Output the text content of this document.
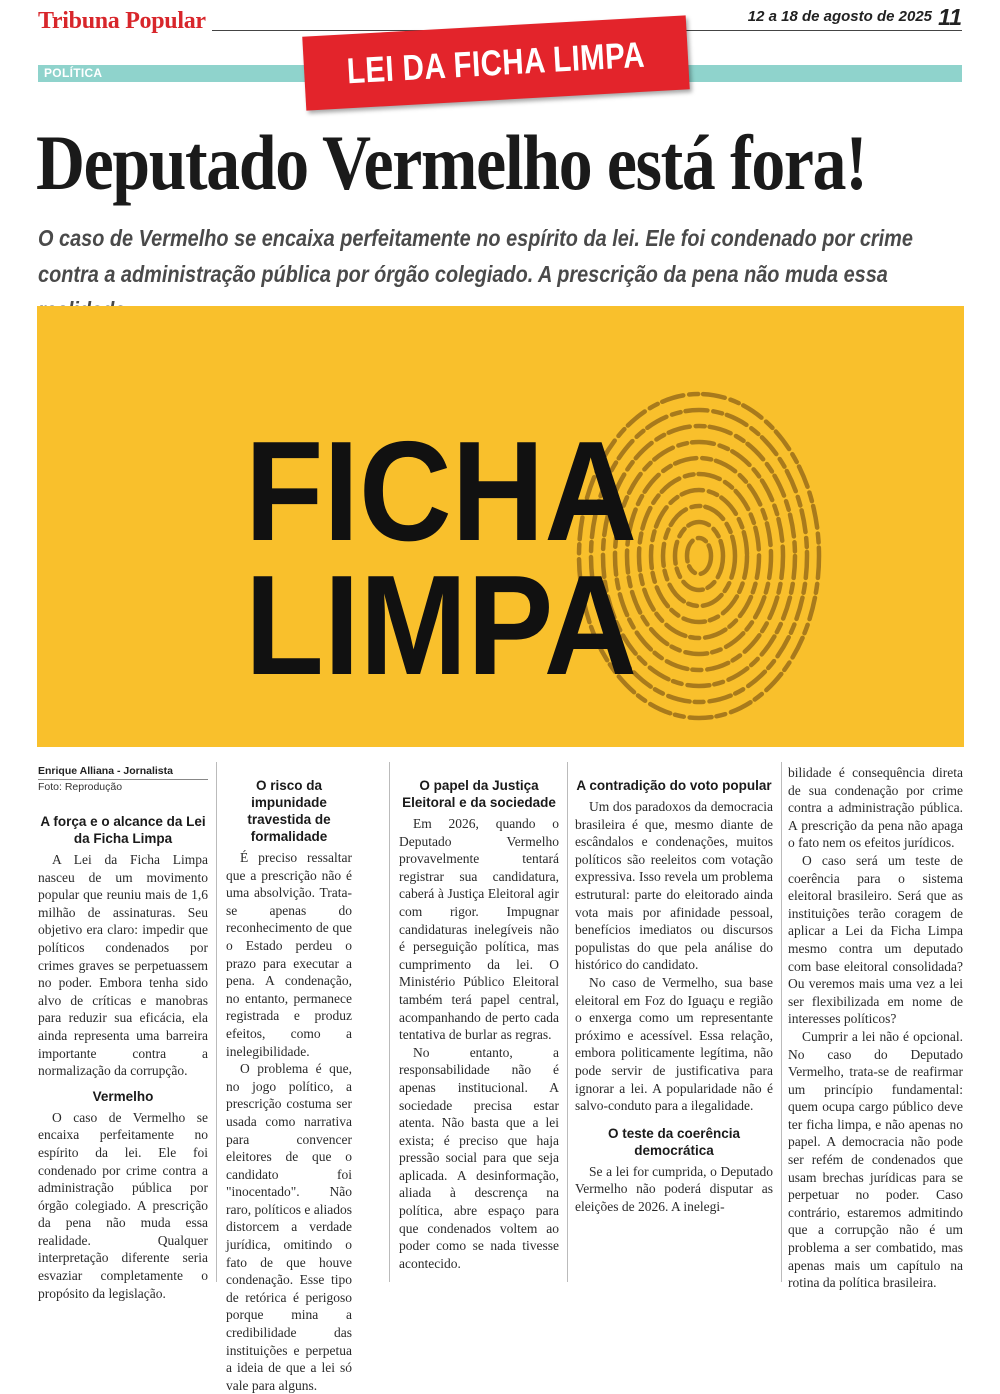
Tribuna Popular	12 a 18 de agosto de 2025 11
POLÍTICA	LEI DA FICHA LIMPA
Deputado Vermelho está fora!
O caso de Vermelho se encaixa perfeitamente no espírito da lei. Ele foi condenado por crime contra a administração pública por órgão colegiado. A prescrição da pena não muda essa
FICHA
LIMPA
Enrique Alliana - Jornalista
Foto: Reprodução
A força e o alcance da Lei da Ficha Limpa

A Lei da Ficha Limpa nasceu de um movimento popular que reuniu mais de 1,6 milhão de assinaturas. Seu objetivo era claro: impedir que políticos condenados por crimes graves se perpetuassem no poder. Embora tenha sido alvo de críticas e manobras para reduzir sua eficácia, ela ainda representa uma barreira importante contra a normalização da corrupção.

Vermelho

O caso de Vermelho se encaixa perfeitamente no espírito da lei. Ele foi condenado por crime contra a administração pública por órgão colegiado. A prescrição da pena não muda essa realidade. Qualquer interpretação diferente seria esvaziar completamente o propósito da legislação.

O risco da impunidade travestida de formalidade

É preciso ressaltar que a prescrição não é uma absolvição. Trata-se apenas do reconhecimento de que o Estado perdeu o prazo para executar a pena. A condenação, no entanto, permanece registrada e produz efeitos, como a inelegibilidade.

O problema é que, no jogo político, a prescrição costuma ser usada como narrativa para convencer eleitores de que o candidato foi "inocentado". Não raro, políticos e aliados distorcem a verdade jurídica, omitindo o fato de que houve condenação. Esse tipo de retórica é perigoso porque mina a credibilidade das instituições e perpetua a ideia de que a lei só vale para alguns.

O papel da Justiça Eleitoral e da sociedade

Em 2026, quando o Deputado Vermelho provavelmente tentará registrar sua candidatura, caberá à Justiça Eleitoral agir com rigor. Impugnar candidaturas inelegíveis não é perseguição política, mas cumprimento da lei. O Ministério Público Eleitoral também terá papel central, acompanhando de perto cada tentativa de burlar as regras.

No entanto, a responsabilidade não é apenas institucional. A sociedade precisa estar atenta. Não basta que a lei exista; é preciso que haja pressão social para que seja aplicada. A desinformação, aliada à descrença na política, abre espaço para que condenados voltem ao poder como se nada tivesse acontecido.

A contradição do voto popular

Um dos paradoxos da democracia brasileira é que, mesmo diante de escândalos e condenações, muitos políticos são reeleitos com votação expressiva. Isso revela um problema estrutural: parte do eleitorado ainda vota mais por afinidade pessoal, benefícios imediatos ou discursos populistas do que pela análise do histórico do candidato.

No caso de Vermelho, sua base eleitoral em Foz do Iguaçu e região o enxerga como um representante próximo e acessível. Essa relação, embora politicamente legítima, não pode servir de justificativa para ignorar a lei. A popularidade não é salvo-conduto para a ilegalidade.

O teste da coerência democrática

Se a lei for cumprida, o Deputado Vermelho não poderá disputar as eleições de 2026. A inelegi-

bilidade é consequência direta de sua condenação por crime contra a administração pública. A prescrição da pena não apaga o fato nem os efeitos jurídicos.

O caso será um teste de coerência para o sistema eleitoral brasileiro. Será que as instituições terão coragem de aplicar a Lei da Ficha Limpa mesmo contra um deputado com base eleitoral consolidada? Ou veremos mais uma vez a lei ser flexibilizada em nome de interesses políticos?

Cumprir a lei não é opcional. No caso do Deputado Vermelho, trata-se de reafirmar um princípio fundamental: quem ocupa cargo público deve ter ficha limpa, e não apenas no papel. A democracia não pode ser refém de condenados que usam brechas jurídicas para se perpetuar no poder. Caso contrário, estaremos admitindo que a corrupção não é um problema a ser combatido, mas apenas mais um capítulo na rotina da política brasileira.
